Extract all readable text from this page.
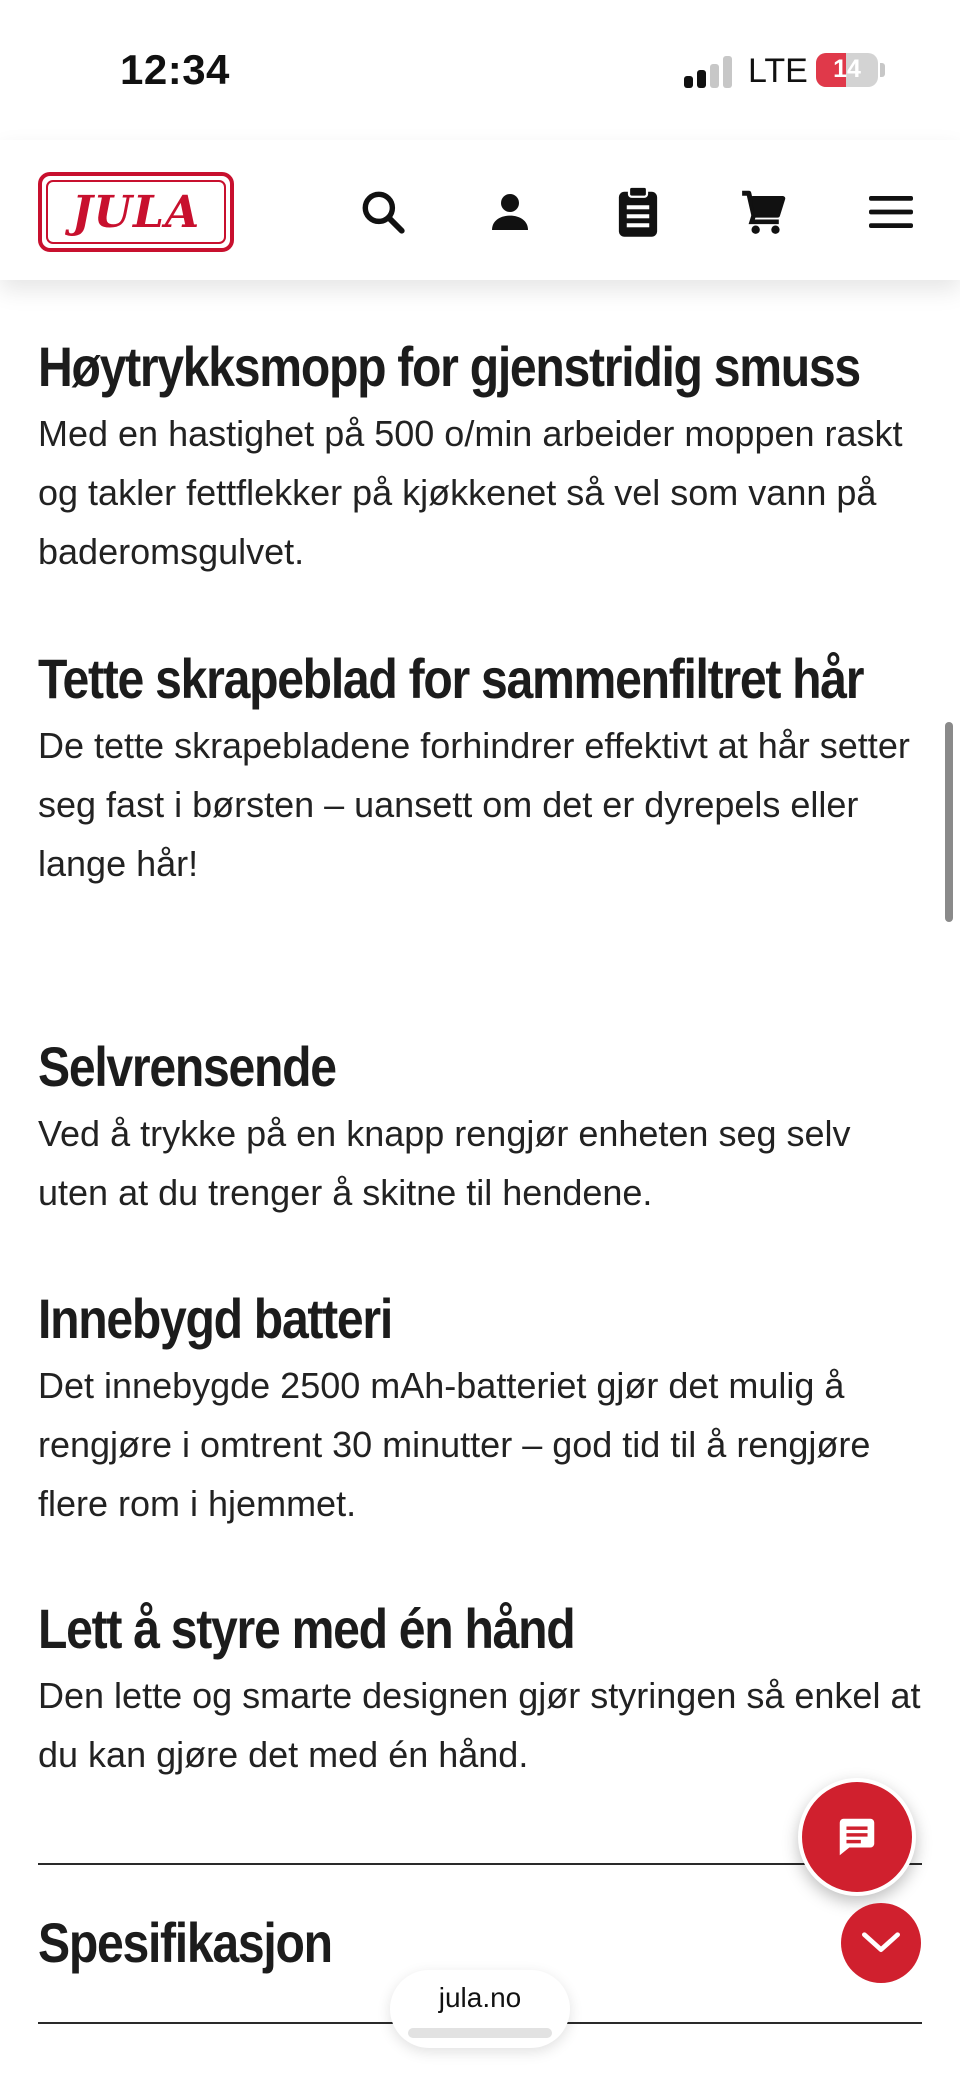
12:34	LTE	14
JULA
Høytrykksmopp for gjenstridig smuss

Med en hastighet på 500 o/min arbeider moppen raskt og takler fettflekker på kjøkkenet så vel som vann på baderomsgulvet.

Tette skrapeblad for sammenfiltret hår

De tette skrapebladene forhindrer effektivt at hår setter seg fast i børsten – uansett om det er dyrepels eller lange hår!

Selvrensende

Ved å trykke på en knapp rengjør enheten seg selv uten at du trenger å skitne til hendene.

Innebygd batteri

Det innebygde 2500 mAh-batteriet gjør det mulig å rengjøre i omtrent 30 minutter – god tid til å rengjøre flere rom i hjemmet.

Lett å styre med én hånd

Den lette og smarte designen gjør styringen så enkel at du kan gjøre det med én hånd.

Spesifikasjon
jula.no
